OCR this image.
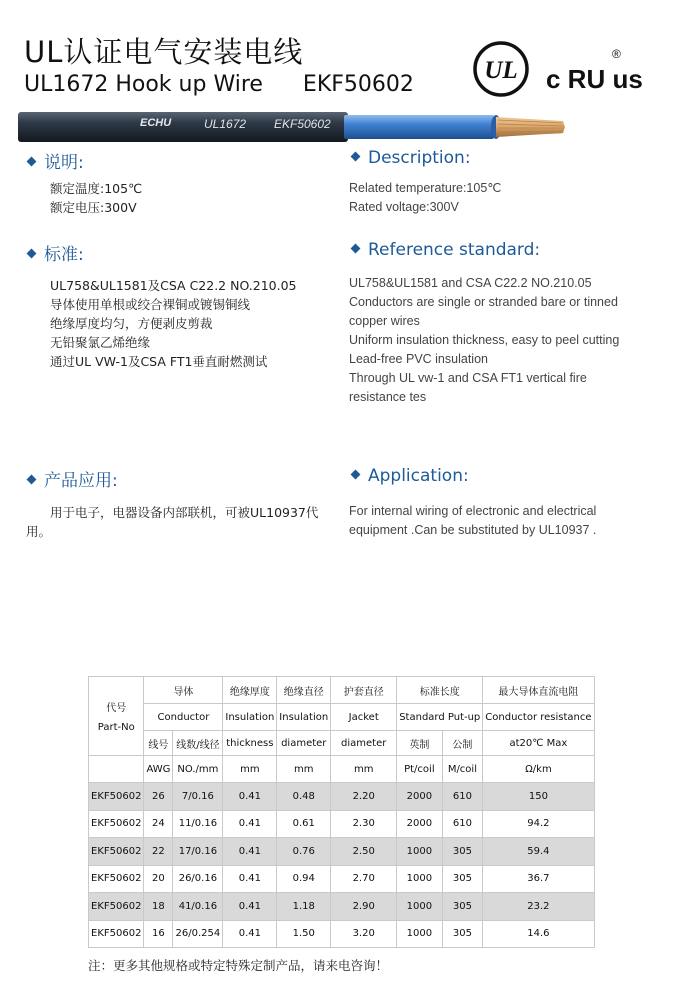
UL认证电气安装电线
UL1672 Hook up Wire EKF50602
UL c RU us
®
ECHU	UL1672 EKF50602
说明:
额定温度:105℃
额定电压:300V
Description:
Related temperature:105℃
Rated voltage:300V
标准:
UL758&UL1581及CSA C22.2 NO.210.05
导体使用单根或绞合裸铜或镀锡铜线
绝缘厚度均匀，方便剥皮剪裁
无铅聚氯乙烯绝缘
通过UL VW-1及CSA FT1垂直耐燃测试
Reference standard:
UL758&UL1581 and CSA C22.2 NO.210.05
Conductors are single or stranded bare or tinned
copper wires
Uniform insulation thickness, easy to peel cutting
Lead-free PVC insulation
Through UL vw-1 and CSA FT1 vertical fire
resistance tes
产品应用:
用于电子，电器设备内部联机，可被UL10937代
用。
Application:
For internal wiring of electronic and electrical
equipment .Can be substituted by UL10937 .
代号
Part-No	导体		绝缘厚度	绝缘直径	护套直径	标准长度		最大导体直流电阻
	Conductor		Insulation	Insulation	Jacket	Standard Put-up		Conductor resistance
	线号	线数/线径	thickness	diameter	diameter	英制	公制	at20℃ Max
	AWG	NO./mm	mm	mm	mm	Pt/coil	M/coil	Ω/km
EKF50602	26	7/0.16	0.41	0.48	2.20	2000	610	150
EKF50602	24	11/0.16	0.41	0.61	2.30	2000	610	94.2
EKF50602	22	17/0.16	0.41	0.76	2.50	1000	305	59.4
EKF50602	20	26/0.16	0.41	0.94	2.70	1000	305	36.7
EKF50602	18	41/0.16	0.41	1.18	2.90	1000	305	23.2
EKF50602	16	26/0.254	0.41	1.50	3.20	1000	305	14.6
注：更多其他规格或特定特殊定制产品，请来电咨询！
